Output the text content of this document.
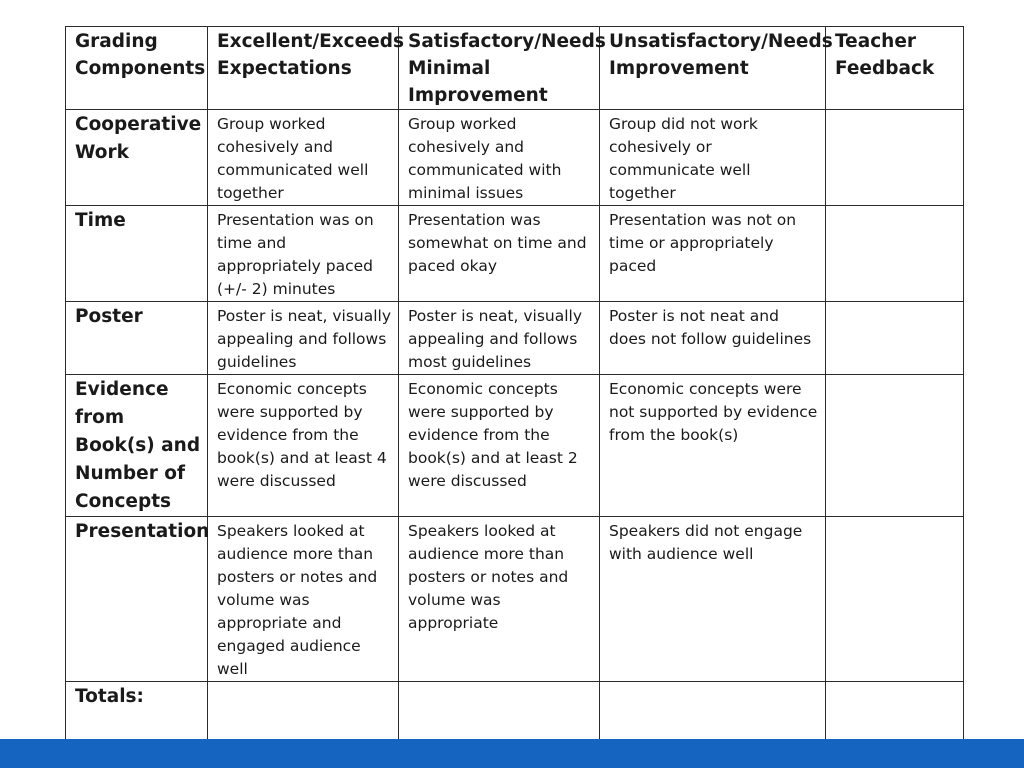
Grading Components	Excellent/Exceeds Expectations	Satisfactory/Needs Minimal Improvement	Unsatisfactory/Needs Improvement	Teacher Feedback
Cooperative Work	Group worked cohesively and communicated well together	Group worked cohesively and communicated with minimal issues	Group did not work cohesively or communicate well together	
Time	Presentation was on time and appropriately paced (+/- 2) minutes	Presentation was somewhat on time and paced okay	Presentation was not on time or appropriately paced	
Poster	Poster is neat, visually appealing and follows guidelines	Poster is neat, visually appealing and follows most guidelines	Poster is not neat and does not follow guidelines	
Evidence from Book(s) and Number of Concepts	Economic concepts were supported by evidence from the book(s) and at least 4 were discussed	Economic concepts were supported by evidence from the book(s) and at least 2 were discussed	Economic concepts were not supported by evidence from the book(s)	
Presentation	Speakers looked at audience more than posters or notes and volume was appropriate and engaged audience well	Speakers looked at audience more than posters or notes and volume was appropriate	Speakers did not engage with audience well	
Totals:				
